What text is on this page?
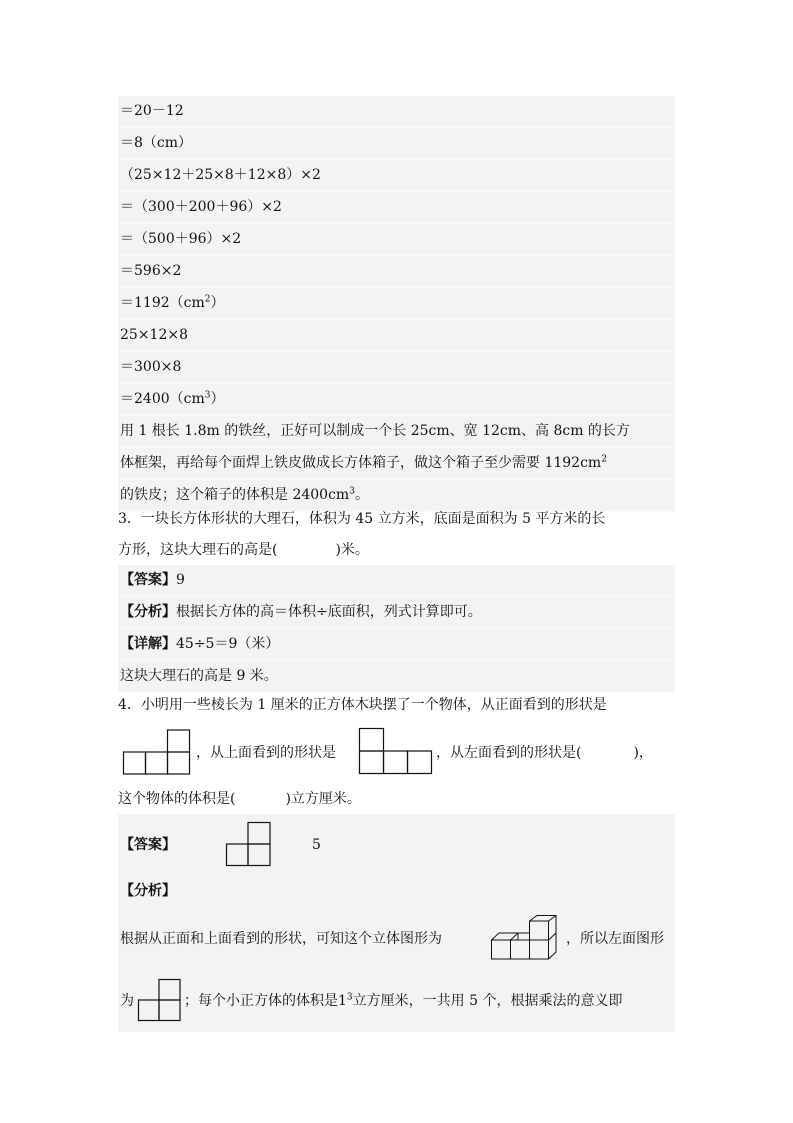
＝20－12
＝8（cm）
（25×12＋25×8＋12×8）×2
＝（300＋200＋96）×2
＝（500＋96）×2
＝596×2
$=1192(cm^2)$
25×12×8
＝300×8
$=2400(cm^3)$
用 1 根长 1.8m 的铁丝，正好可以制成一个长 25cm、宽 12cm、高 8cm 的长方
体框架，再给每个面焊上铁皮做成长方体箱子，做这个箱子至少需要 $1192cm^2$
的铁皮；这个箱子的体积是 $2400cm^3$。
3．一块长方体形状的大理石，体积为 45 立方米，底面是面积为 5 平方米的长
方形，这块大理石的高是(	)米。
【答案】9
【分析】根据长方体的高＝体积÷底面积，列式计算即可。
【详解】45÷5＝9（米）
这块大理石的高是 9 米。
4．小明用一些棱长为 1 厘米的正方体木块摆了一个物体，从正面看到的形状是
，从上面看到的形状是	，从左面看到的形状是(	)，
这个物体的体积是(	)立方厘米。
【答案】	5
【分析】
根据从正面和上面看到的形状，可知这个立体图形为	，所以左面图形
为	；每个小正方体的体积是$1^3$立方厘米，一共用 5 个，根据乘法的意义即
